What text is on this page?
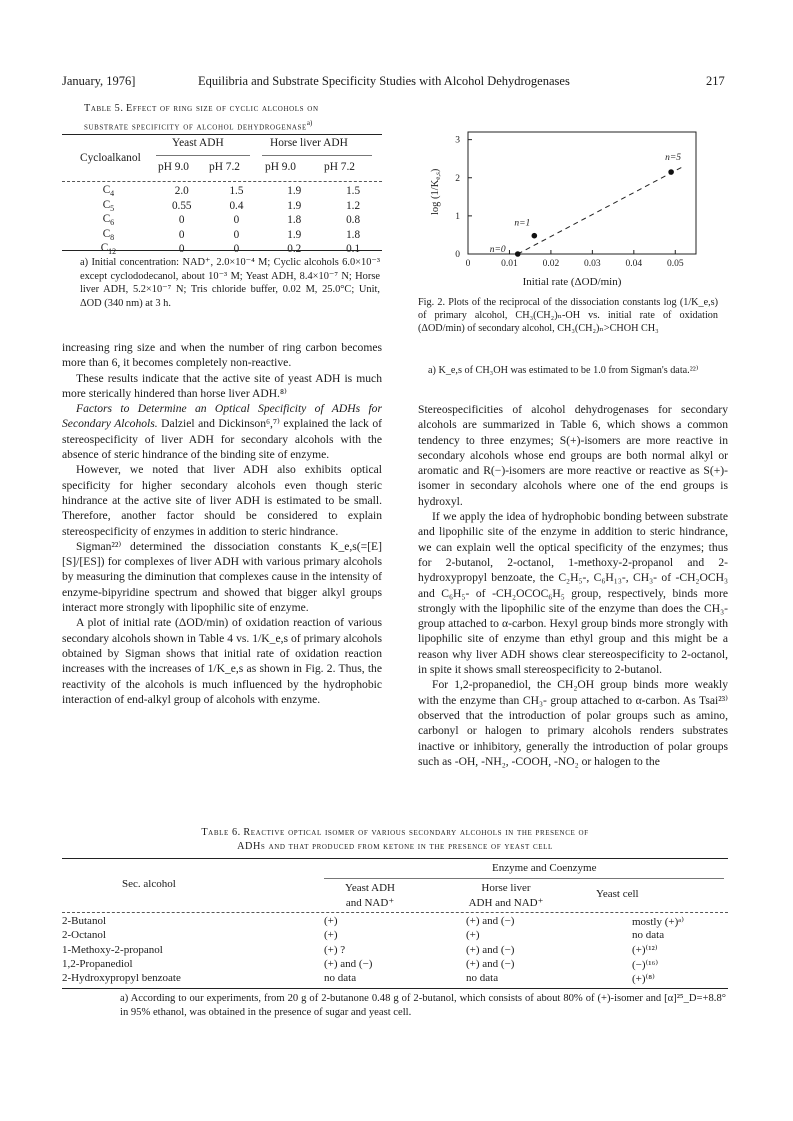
January, 1976]	Equilibria and Substrate Specificity Studies with Alcohol Dehydrogenases	217
Table 5. Effect of ring size of cyclic alcohols on
substrate specificity of alcohol dehydrogenase$^{a)}$
Cycloalkanol
Yeast ADH	Horse liver ADH
pH 9.0 pH 7.2 pH 9.0 pH 7.2
$C_4$	2.0	1.5	1.9	1.5
$C_5$	0.55	0.4	1.9	1.2
$C_6$	0	0	1.8	0.8
$C_8$	0	0	1.9	1.8
$C_{12}$	0	0	0.2	0.1
a) Initial concentration: NAD⁺, 2.0×10⁻⁴ M; Cyclic alcohols 6.0×10⁻³ except cyclododecanol, about 10⁻³ M; Yeast ADH, 8.4×10⁻⁷ N; Horse liver ADH, 5.2×10⁻⁷ N; Tris chloride buffer, 0.02 M, 25.0°C; Unit, ΔOD (340 nm) at 3 h.

increasing ring size and when the number of ring carbon becomes more than 6, it becomes completely non-reactive.

These results indicate that the active site of yeast ADH is much more sterically hindered than horse liver ADH.⁸⁾

Factors to Determine an Optical Specificity of ADHs for Secondary Alcohols. Dalziel and Dickinson⁶,⁷⁾ explained the lack of stereospecificity of liver ADH for secondary alcohols with the absence of steric hindrance of the binding site of enzyme.

However, we noted that liver ADH also exhibits optical specificity for higher secondary alcohols even though steric hindrance at the active site of liver ADH is estimated to be small. Therefore, another factor should be considered to explain stereospecificity of enzymes in addition to steric hindrance.

Sigman²²⁾ determined the dissociation constants K_e,s(=[E][S]/[ES]) for complexes of liver ADH with various primary alcohols by measuring the diminution that complexes cause in the intensity of enzyme-bipyridine spectrum and showed that bigger alkyl groups interact more strongly with lipophilic site of enzyme.

A plot of initial rate (ΔOD/min) of oxidation reaction of various secondary alcohols shown in Table 4 vs. 1/K_e,s of primary alcohols obtained by Sigman shows that initial rate of oxidation reaction increases with the increases of 1/K_e,s as shown in Fig. 2. Thus, the reactivity of the alcohols is much influenced by the hydrophobic interaction of end-alkyl group of alcohols with enzyme.

0	0.01	0.02	0.03	0.04	0.05
0
1
2
3
log (1/Ke,s)
n=0
n=1
n=5
Initial rate (ΔOD/min)
Fig. 2. Plots of the reciprocal of the dissociation constants log (1/K_e,s) of primary alcohol, CH₃(CH₂)ₙ-OH vs. initial rate of oxidation (ΔOD/min) of secondary alcohol, CH₃(CH₂)ₙ>CHOH CH₃
a) K_e,s of CH₃OH was estimated to be 1.0 from Sigman's data.²²⁾

Stereospecificities of alcohol dehydrogenases for secondary alcohols are summarized in Table 6, which shows a common tendency to three enzymes; S(+)-isomers are more reactive in secondary alcohols whose end groups are both normal alkyl or aromatic and R(−)-isomers are more reactive or reactive as S(+)-isomer in secondary alcohols where one of the end groups is hydroxyl.

If we apply the idea of hydrophobic bonding between substrate and lipophilic site of the enzyme in addition to steric hindrance, we can explain well the optical specificity of the enzymes; thus for 2-butanol, 2-octanol, 1-methoxy-2-propanol and 2-hydroxypropyl benzoate, the C₂H₅-, C₆H₁₃-, CH₃- of -CH₂OCH₃ and C₆H₅- of -CH₂OCOC₆H₅ group, respectively, binds more strongly with the lipophilic site of the enzyme than does the CH₃-group attached to α-carbon. Hexyl group binds more strongly with lipophilic site of enzyme than ethyl group and this might be a reason why liver ADH shows clear stereospecificity to 2-octanol, in spite it shows small stereospecificity to 2-butanol.

For 1,2-propanediol, the CH₂OH group binds more weakly with the enzyme than CH₃- group attached to α-carbon. As Tsai²³⁾ observed that the introduction of polar groups such as amino, carbonyl or halogen to primary alcohols renders substrates inactive or inhibitory, generally the introduction of polar groups such as -OH, -NH₂, -COOH, -NO₂ or halogen to the

Table 6. Reactive optical isomer of various secondary alcohols in the presence of
ADHs and that produced from ketone in the presence of yeast cell
Enzyme and Coenzyme
Sec. alcohol	Yeast ADH
and NAD⁺
Horse liver
ADH and NAD⁺
Yeast cell
2-Butanol	(+)	(+) and (−)	mostly (+)ᵃ⁾
2-Octanol	(+)	(+)	no data
1-Methoxy-2-propanol	(+) ?	(+) and (−)	(+)⁽¹²⁾
1,2-Propanediol	(+) and (−)	(+) and (−)	(−)⁽¹⁶⁾
2-Hydroxypropyl benzoate	no data	no data	(+)⁽⁸⁾
a) According to our experiments, from 20 g of 2-butanone 0.48 g of 2-butanol, which consists of about 80% of (+)-isomer and [α]²⁵_D=+8.8° in 95% ethanol, was obtained in the presence of sugar and yeast cell.
